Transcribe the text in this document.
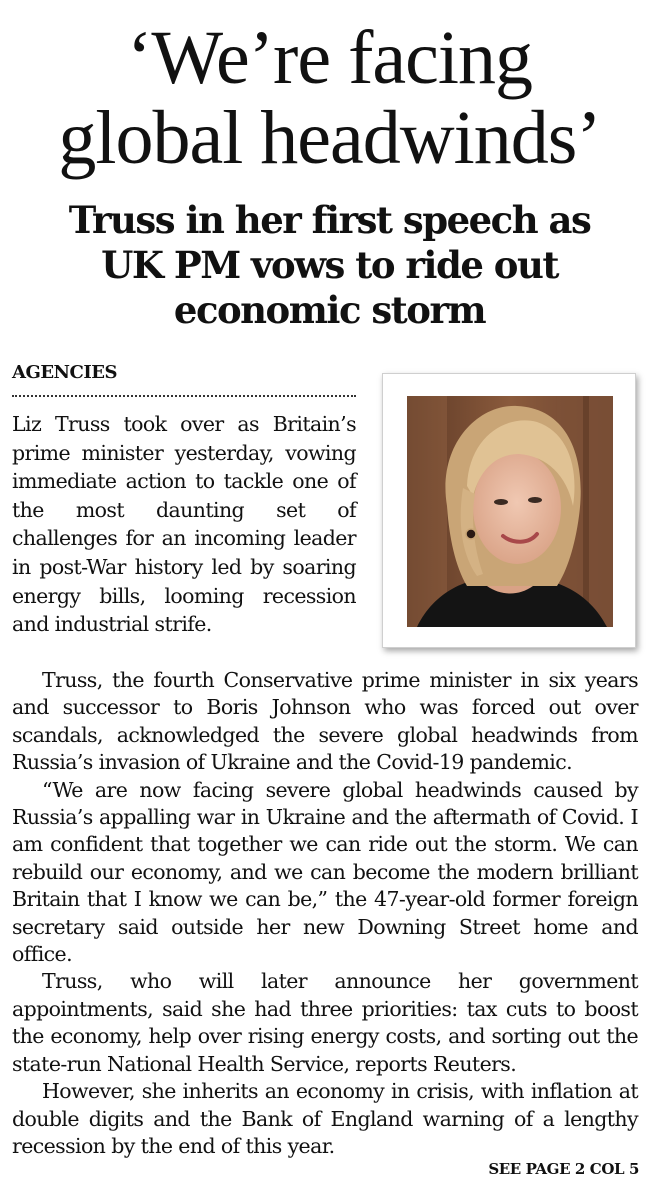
‘We’re facing
global headwinds’
Truss in her first speech as
UK PM vows to ride out
economic storm
AGENCIES

Liz Truss took over as Britain’s prime minister yesterday, vowing immediate action to tackle one of the most daunting set of challenges for an incoming leader in post-War history led by soaring energy bills, looming recession and industrial strife.

Truss, the fourth Conservative prime minister in six years and successor to Boris Johnson who was forced out over scandals, acknowledged the severe global headwinds from Russia’s invasion of Ukraine and the Covid-19 pandemic.

“We are now facing severe global headwinds caused by Russia’s appalling war in Ukraine and the aftermath of Covid. I am confident that together we can ride out the storm. We can rebuild our economy, and we can become the modern brilliant Britain that I know we can be,” the 47-year-old former foreign secretary said outside her new Downing Street home and office.

Truss, who will later announce her government appointments, said she had three priorities: tax cuts to boost the economy, help over rising energy costs, and sorting out the state-run National Health Service, reports Reuters.

However, she inherits an economy in crisis, with inflation at double digits and the Bank of England warning of a lengthy recession by the end of this year.

SEE PAGE 2 COL 5
